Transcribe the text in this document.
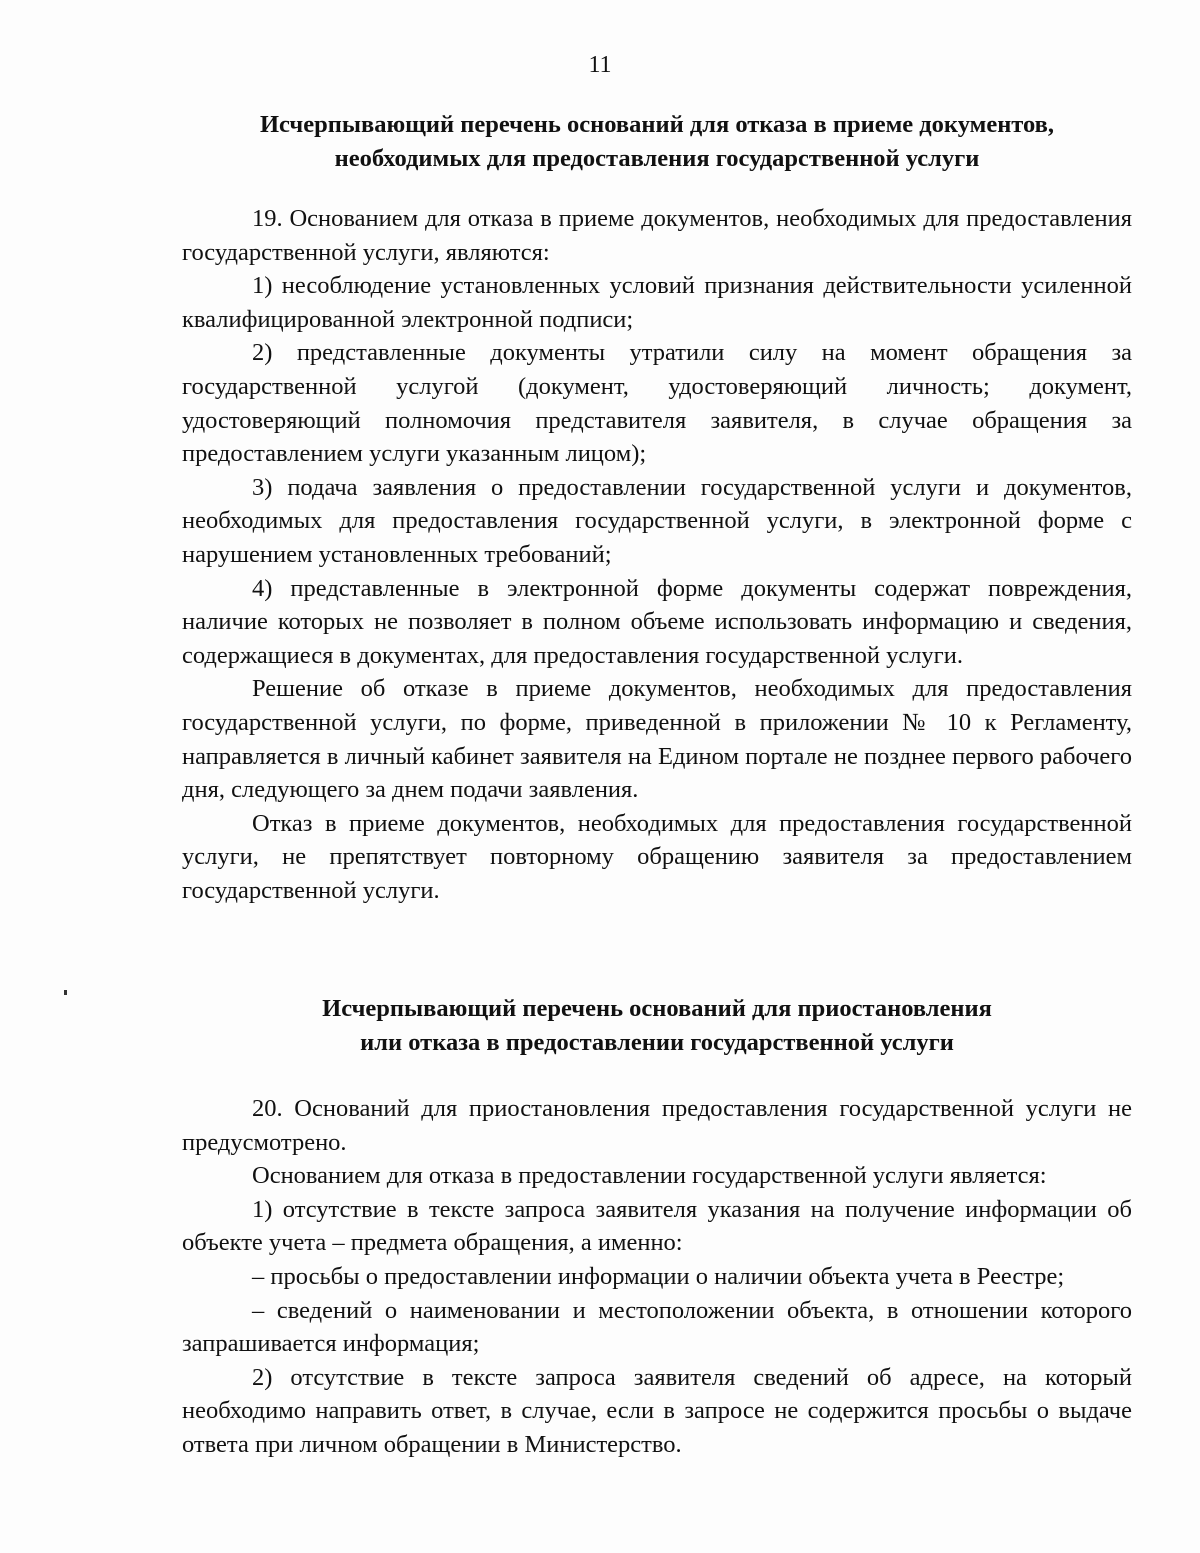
11
Исчерпывающий перечень оснований для отказа в приеме документов,
необходимых для предоставления государственной услуги

19. Основанием для отказа в приеме документов, необходимых для предоставления государственной услуги, являются:

1) несоблюдение установленных условий признания действительности усиленной квалифицированной электронной подписи;

2) представленные документы утратили силу на момент обращения за государственной услугой (документ, удостоверяющий личность; документ, удостоверяющий полномочия представителя заявителя, в случае обращения за предоставлением услуги указанным лицом);

3) подача заявления о предоставлении государственной услуги и документов, необходимых для предоставления государственной услуги, в электронной форме с нарушением установленных требований;

4) представленные в электронной форме документы содержат повреждения, наличие которых не позволяет в полном объеме использовать информацию и сведения, содержащиеся в документах, для предоставления государственной услуги.

Решение об отказе в приеме документов, необходимых для предоставления государственной услуги, по форме, приведенной в приложении № 10 к Регламенту, направляется в личный кабинет заявителя на Едином портале не позднее первого рабочего дня, следующего за днем подачи заявления.

Отказ в приеме документов, необходимых для предоставления государственной услуги, не препятствует повторному обращению заявителя за предоставлением государственной услуги.

Исчерпывающий перечень оснований для приостановления
или отказа в предоставлении государственной услуги

20. Оснований для приостановления предоставления государственной услуги не предусмотрено.

Основанием для отказа в предоставлении государственной услуги является:

1) отсутствие в тексте запроса заявителя указания на получение информации об объекте учета – предмета обращения, а именно:

– просьбы о предоставлении информации о наличии объекта учета в Реестре;

– сведений о наименовании и местоположении объекта, в отношении которого запрашивается информация;

2) отсутствие в тексте запроса заявителя сведений об адресе, на который необходимо направить ответ, в случае, если в запросе не содержится просьбы о выдаче ответа при личном обращении в Министерство.
